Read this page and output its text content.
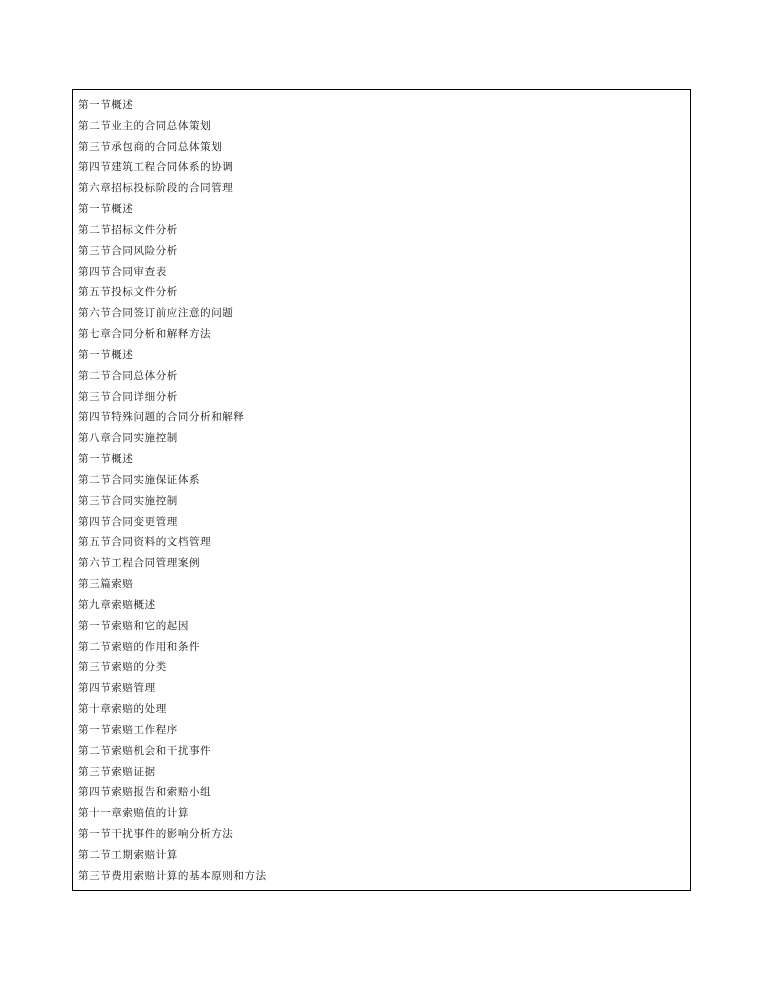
第一节概述
第二节业主的合同总体策划
第三节承包商的合同总体策划
第四节建筑工程合同体系的协调
第六章招标投标阶段的合同管理
第一节概述
第二节招标文件分析
第三节合同风险分析
第四节合同审查表
第五节投标文件分析
第六节合同签订前应注意的问题
第七章合同分析和解释方法
第一节概述
第二节合同总体分析
第三节合同详细分析
第四节特殊问题的合同分析和解释
第八章合同实施控制
第一节概述
第二节合同实施保证体系
第三节合同实施控制
第四节合同变更管理
第五节合同资料的文档管理
第六节工程合同管理案例
第三篇索赔
第九章索赔概述
第一节索赔和它的起因
第二节索赔的作用和条件
第三节索赔的分类
第四节索赔管理
第十章索赔的处理
第一节索赔工作程序
第二节索赔机会和干扰事件
第三节索赔证据
第四节索赔报告和索赔小组
第十一章索赔值的计算
第一节干扰事件的影响分析方法
第二节工期索赔计算
第三节费用索赔计算的基本原则和方法
